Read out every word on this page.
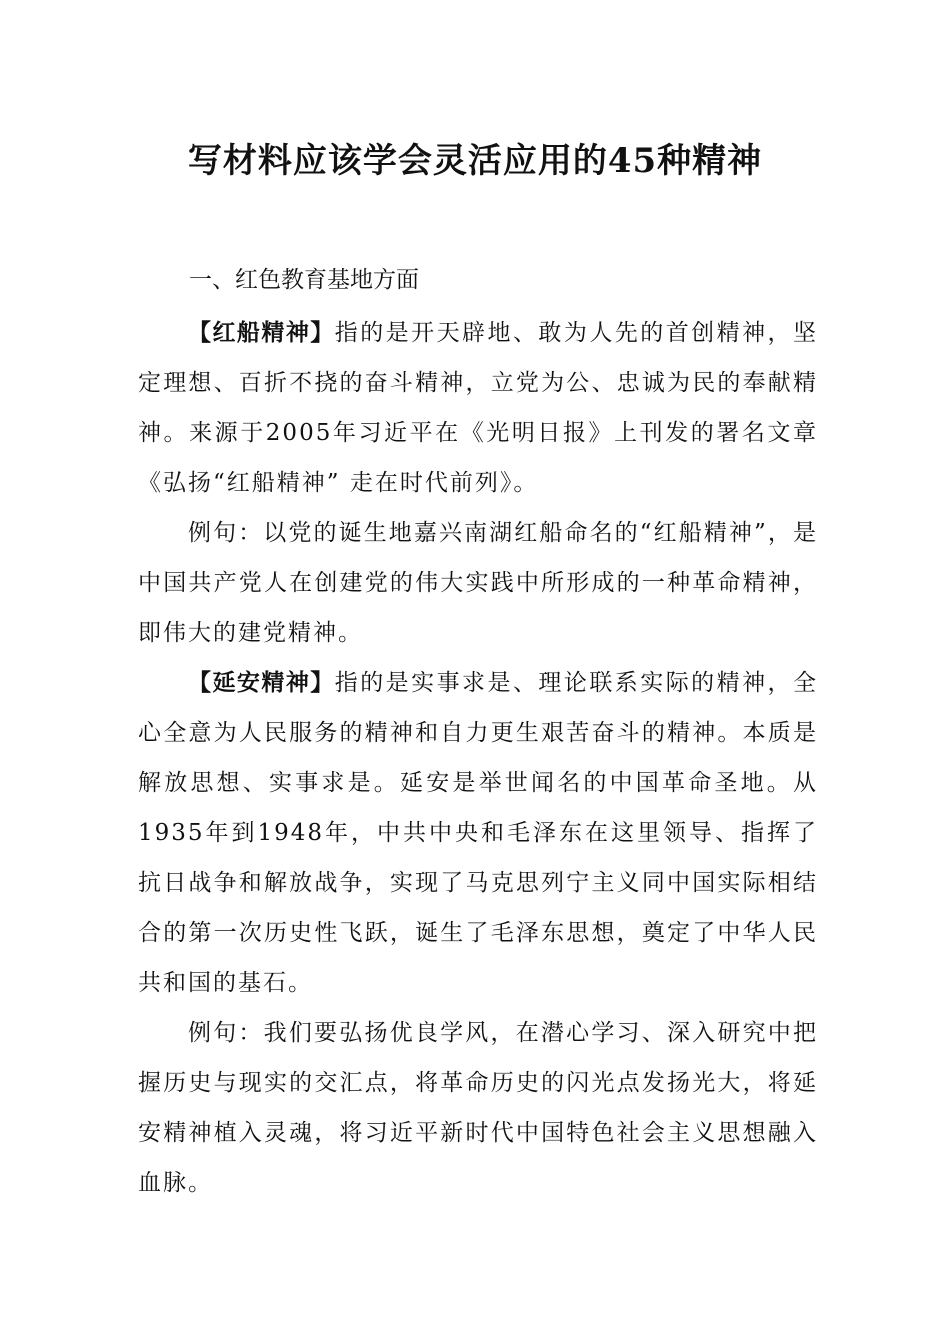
写材料应该学会灵活应用的45种精神
一、红色教育基地方面

【红船精神】指的是开天辟地、敢为人先的首创精神，坚定理想、百折不挠的奋斗精神，立党为公、忠诚为民的奉献精神。来源于2005年习近平在《光明日报》上刊发的署名文章《弘扬“红船精神” 走在时代前列》。

例句：以党的诞生地嘉兴南湖红船命名的“红船精神”，是中国共产党人在创建党的伟大实践中所形成的一种革命精神，即伟大的建党精神。

【延安精神】指的是实事求是、理论联系实际的精神，全心全意为人民服务的精神和自力更生艰苦奋斗的精神。本质是解放思想、实事求是。延安是举世闻名的中国革命圣地。从1935年到1948年，中共中央和毛泽东在这里领导、指挥了抗日战争和解放战争，实现了马克思列宁主义同中国实际相结合的第一次历史性飞跃，诞生了毛泽东思想，奠定了中华人民共和国的基石。

例句：我们要弘扬优良学风，在潜心学习、深入研究中把握历史与现实的交汇点，将革命历史的闪光点发扬光大，将延安精神植入灵魂，将习近平新时代中国特色社会主义思想融入血脉。
